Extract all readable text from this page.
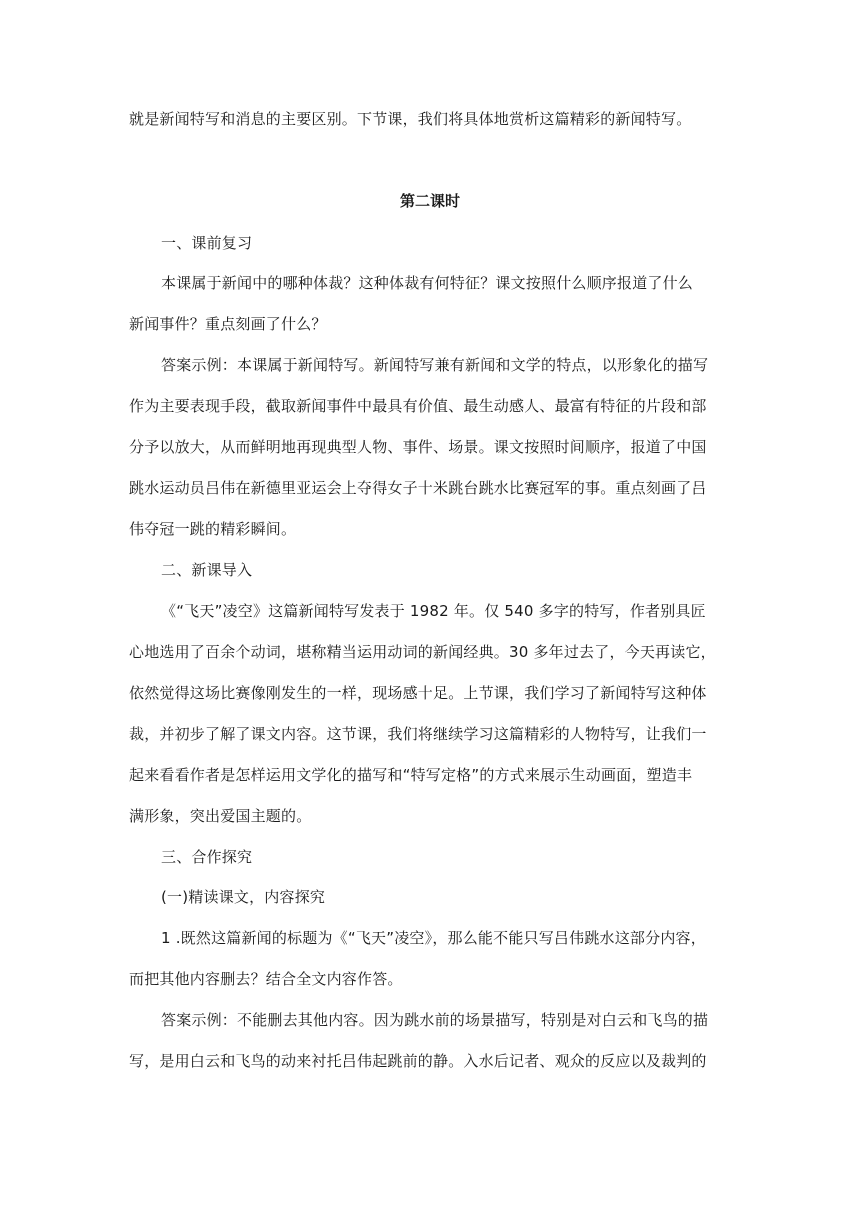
就是新闻特写和消息的主要区别。下节课，我们将具体地赏析这篇精彩的新闻特写。
第二课时
一、课前复习
本课属于新闻中的哪种体裁？这种体裁有何特征？课文按照什么顺序报道了什么
新闻事件？重点刻画了什么？
答案示例：本课属于新闻特写。新闻特写兼有新闻和文学的特点，以形象化的描写
作为主要表现手段，截取新闻事件中最具有价值、最生动感人、最富有特征的片段和部
分予以放大，从而鲜明地再现典型人物、事件、场景。课文按照时间顺序，报道了中国
跳水运动员吕伟在新德里亚运会上夺得女子十米跳台跳水比赛冠军的事。重点刻画了吕
伟夺冠一跳的精彩瞬间。
二、新课导入
《“飞天”凌空》这篇新闻特写发表于 1982 年。仅 540 多字的特写，作者别具匠
心地选用了百余个动词，堪称精当运用动词的新闻经典。30 多年过去了，今天再读它，
依然觉得这场比赛像刚发生的一样，现场感十足。上节课，我们学习了新闻特写这种体
裁，并初步了解了课文内容。这节课，我们将继续学习这篇精彩的人物特写，让我们一
起来看看作者是怎样运用文学化的描写和“特写定格”的方式来展示生动画面，塑造丰
满形象，突出爱国主题的。
三、合作探究
(一)精读课文，内容探究
1 .既然这篇新闻的标题为《“飞天”凌空》，那么能不能只写吕伟跳水这部分内容，
而把其他内容删去？结合全文内容作答。
答案示例：不能删去其他内容。因为跳水前的场景描写，特别是对白云和飞鸟的描
写，是用白云和飞鸟的动来衬托吕伟起跳前的静。入水后记者、观众的反应以及裁判的
